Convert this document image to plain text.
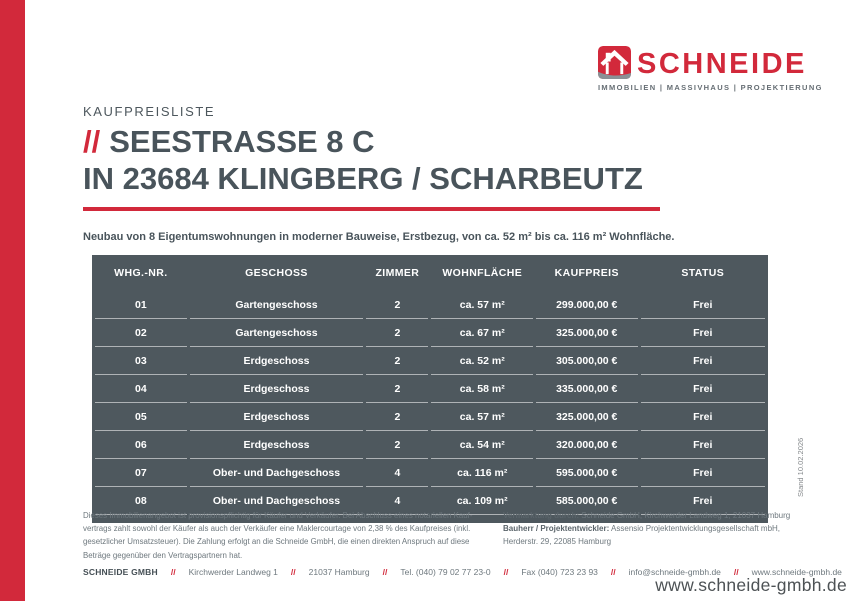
SCHNEIDE
IMMOBILIEN | MASSIVHAUS | PROJEKTIERUNG
KAUFPREISLISTE
// SEESTRASSE 8 C
IN 23684 KLINGBERG / SCHARBEUTZ
Neubau von 8 Eigentumswohnungen in moderner Bauweise, Erstbezug, von ca. 52 m² bis ca. 116 m² Wohnfläche.
WHG.-NR.	GESCHOSS	ZIMMER	WOHNFLÄCHE	KAUFPREIS	STATUS
01	Gartengeschoss	2	ca. 57 m²	299.000,00 €	Frei
02	Gartengeschoss	2	ca. 67 m²	325.000,00 €	Frei
03	Erdgeschoss	2	ca. 52 m²	305.000,00 €	Frei
04	Erdgeschoss	2	ca. 58 m²	335.000,00 €	Frei
05	Erdgeschoss	2	ca. 57 m²	325.000,00 €	Frei
06	Erdgeschoss	2	ca. 54 m²	320.000,00 €	Frei
07	Ober- und Dachgeschoss	4	ca. 116 m²	595.000,00 €	Frei
08	Ober- und Dachgeschoss	4	ca. 109 m²	585.000,00 €	Frei
Stand 10.02.2026
Dieses Immobilienangebot ist provisionspflichtig für Käufer und Verkäufer. Bei Abschluss eines notariellen Kauf-
vertrags zahlt sowohl der Käufer als auch der Verkäufer eine Maklercourtage von 2,38 % des Kaufpreises (inkl.
gesetzlicher Umsatzsteuer). Die Zahlung erfolgt an die Schneide GmbH, die einen direkten Anspruch auf diese
Beträge gegenüber den Vertragspartnern hat.
Vermarktung durch: Schneide GmbH, Kirchwerder Landweg 1, 21037 Hamburg
Bauherr / Projektentwickler: Assensio Projektentwicklungsgesellschaft mbH,
Herderstr. 29, 22085 Hamburg
SCHNEIDE GMBH // Kirchwerder Landweg 1 // 21037 Hamburg // Tel. (040) 79 02 77 23-0 // Fax (040) 723 23 93 // info@schneide-gmbh.de // www.schneide-gmbh.de
www.schneide-gmbh.de
